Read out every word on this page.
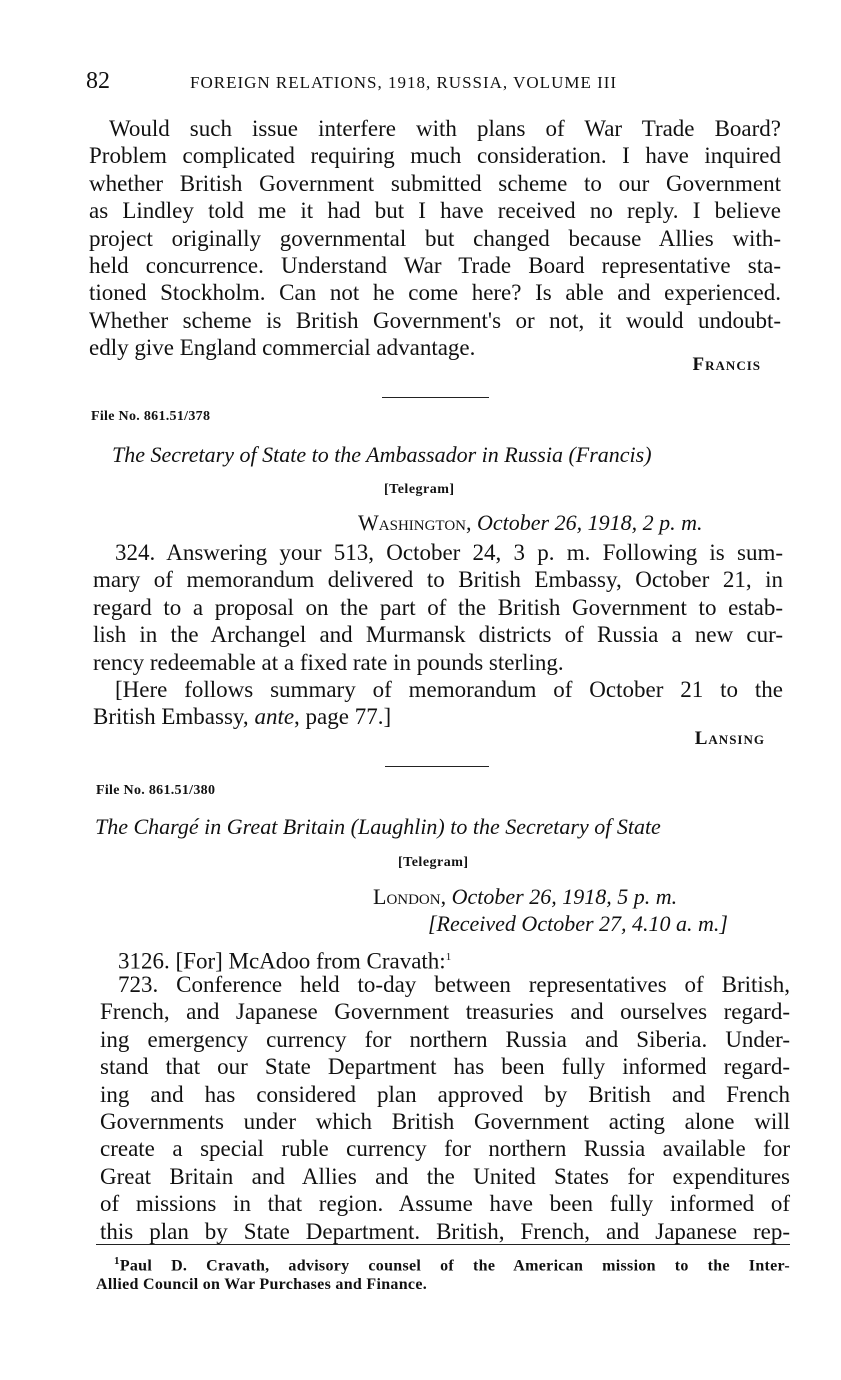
82	FOREIGN RELATIONS, 1918, RUSSIA, VOLUME III
Would such issue interfere with plans of War Trade Board?
Problem complicated requiring much consideration. I have inquired
whether British Government submitted scheme to our Government
as Lindley told me it had but I have received no reply. I believe
project originally governmental but changed because Allies with-
held concurrence. Understand War Trade Board representative sta-
tioned Stockholm. Can not he come here? Is able and experienced.
Whether scheme is British Government's or not, it would undoubt-
edly give England commercial advantage.
Francis
File No. 861.51/378
The Secretary of State to the Ambassador in Russia (Francis)
[Telegram]
Washington, October 26, 1918, 2 p. m.
324. Answering your 513, October 24, 3 p. m. Following is sum-
mary of memorandum delivered to British Embassy, October 21, in
regard to a proposal on the part of the British Government to estab-
lish in the Archangel and Murmansk districts of Russia a new cur-
rency redeemable at a fixed rate in pounds sterling.
[Here follows summary of memorandum of October 21 to the
British Embassy, ante, page 77.]
Lansing
File No. 861.51/380
The Chargé in Great Britain (Laughlin) to the Secretary of State
[Telegram]
London, October 26, 1918, 5 p. m.
[Received October 27, 4.10 a. m.]
3126. [For] McAdoo from Cravath:$^1$
723. Conference held to-day between representatives of British,
French, and Japanese Government treasuries and ourselves regard-
ing emergency currency for northern Russia and Siberia. Under-
stand that our State Department has been fully informed regard-
ing and has considered plan approved by British and French
Governments under which British Government acting alone will
create a special ruble currency for northern Russia available for
Great Britain and Allies and the United States for expenditures
of missions in that region. Assume have been fully informed of
this plan by State Department. British, French, and Japanese rep-
$^1$Paul D. Cravath, advisory counsel of the American mission to the Inter-
Allied Council on War Purchases and Finance.
